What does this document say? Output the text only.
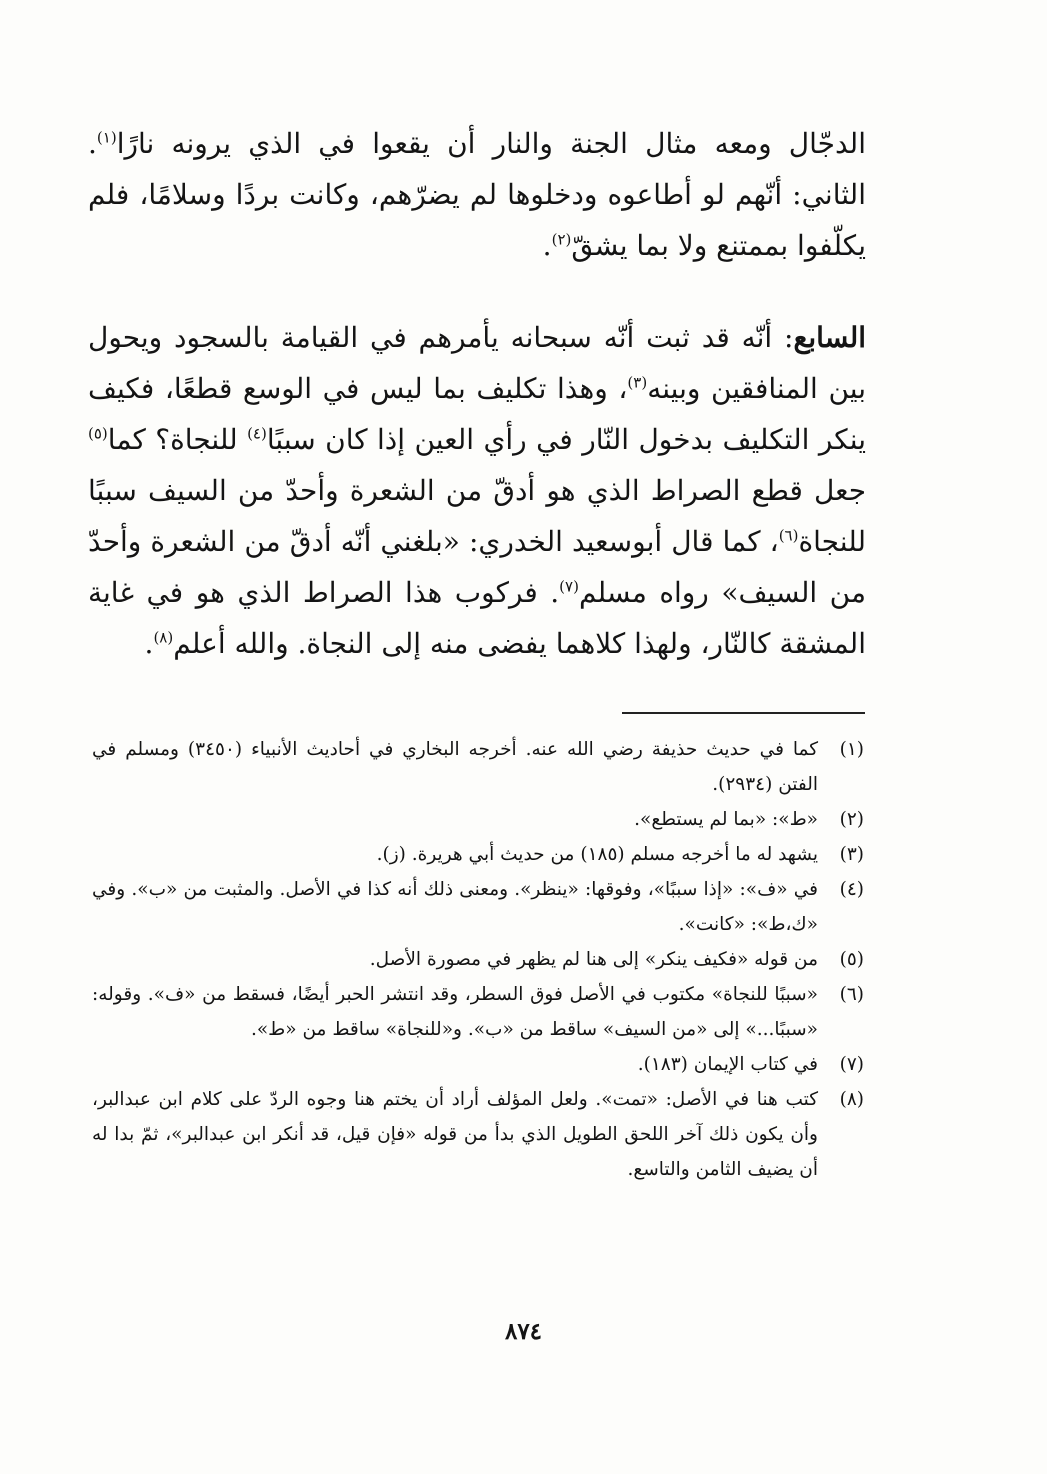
الدجّال ومعه مثال الجنة والنار أن يقعوا في الذي يرونه نارًا$^{(١)}$. الثاني: أنّهم لو أطاعوه ودخلوها لم يضرّهم، وكانت بردًا وسلامًا، فلم يكلّفوا بممتنع ولا بما يشقّ$^{(٢)}$.

السابع: أنّه قد ثبت أنّه سبحانه يأمرهم في القيامة بالسجود ويحول بين المنافقين وبينه$^{(٣)}$، وهذا تكليف بما ليس في الوسع قطعًا، فكيف ينكر التكليف بدخول النّار في رأي العين إذا كان سببًا$^{(٤)}$ للنجاة؟ كما$^{(٥)}$ جعل قطع الصراط الذي هو أدقّ من الشعرة وأحدّ من السيف سببًا للنجاة$^{(٦)}$، كما قال أبوسعيد الخدري: «بلغني أنّه أدقّ من الشعرة وأحدّ من السيف» رواه مسلم$^{(٧)}$. فركوب هذا الصراط الذي هو في غاية المشقة كالنّار، ولهذا كلاهما يفضى منه إلى النجاة. والله أعلم$^{(٨)}$.

(١)
كما في حديث حذيفة رضي الله عنه. أخرجه البخاري في أحاديث الأنبياء (٣٤٥٠) ومسلم في الفتن (٢٩٣٤).
(٢)
«ط»: «بما لم يستطع».
(٣)
يشهد له ما أخرجه مسلم (١٨٥) من حديث أبي هريرة. (ز).
(٤)
في «ف»: «إذا سببًا»، وفوقها: «ينظر». ومعنى ذلك أنه كذا في الأصل. والمثبت من «ب». وفي «ك،ط»: «كانت».
(٥)
من قوله «فكيف ينكر» إلى هنا لم يظهر في مصورة الأصل.
(٦)
«سببًا للنجاة» مكتوب في الأصل فوق السطر، وقد انتشر الحبر أيضًا، فسقط من «ف». وقوله: «سببًا...» إلى «من السيف» ساقط من «ب». و«للنجاة» ساقط من «ط».
(٧)
في كتاب الإيمان (١٨٣).
(٨)
كتب هنا في الأصل: «تمت». ولعل المؤلف أراد أن يختم هنا وجوه الردّ على كلام ابن عبدالبر، وأن يكون ذلك آخر اللحق الطويل الذي بدأ من قوله «فإن قيل، قد أنكر ابن عبدالبر»، ثمّ بدا له أن يضيف الثامن والتاسع.
٨٧٤
